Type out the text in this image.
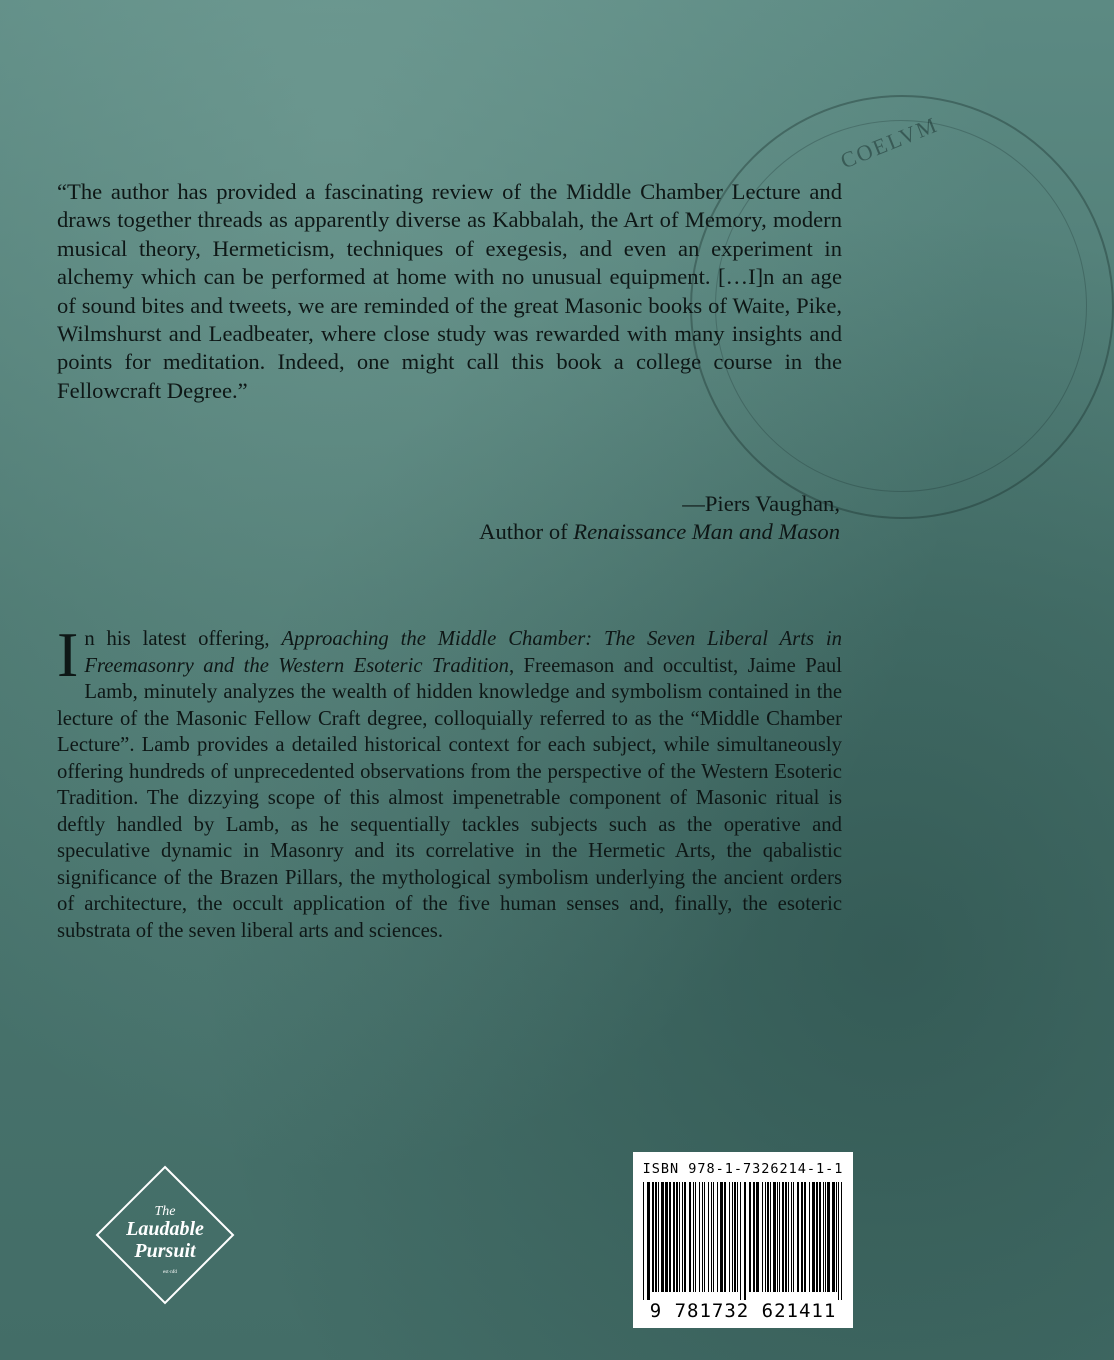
COELVM
“The author has provided a fascinating review of the Middle Chamber Lecture and draws together threads as apparently diverse as Kabbalah, the Art of Memory, modern musical theory, Hermeticism, techniques of exegesis, and even an experiment in alchemy which can be performed at home with no unusual equipment. […I]n an age of sound bites and tweets, we are reminded of the great Masonic books of Waite, Pike, Wilmshurst and Leadbeater, where close study was rewarded with many insights and points for meditation. Indeed, one might call this book a college course in the Fellowcraft Degree.”
—Piers Vaughan,
Author of Renaissance Man and Mason
In his latest offering, Approaching the Middle Chamber: The Seven Liberal Arts in Freemasonry and the Western Esoteric Tradition, Freemason and occultist, Jaime Paul Lamb, minutely analyzes the wealth of hidden knowledge and symbolism contained in the lecture of the Masonic Fellow Craft degree, colloquially referred to as the “Middle Chamber Lecture”. Lamb provides a detailed historical context for each subject, while simultaneously offering hundreds of unprecedented observations from the perspective of the Western Esoteric Tradition. The dizzying scope of this almost impenetrable component of Masonic ritual is deftly handled by Lamb, as he sequentially tackles subjects such as the operative and speculative dynamic in Masonry and its correlative in the Hermetic Arts, the qabalistic significance of the Brazen Pillars, the mythological symbolism underlying the ancient orders of architecture, the occult application of the five human senses and, finally, the esoteric substrata of the seven liberal arts and sciences.
The
Laudable
Pursuit
est·nfd
ISBN 978-1-7326214-1-1
9 781732 621411
